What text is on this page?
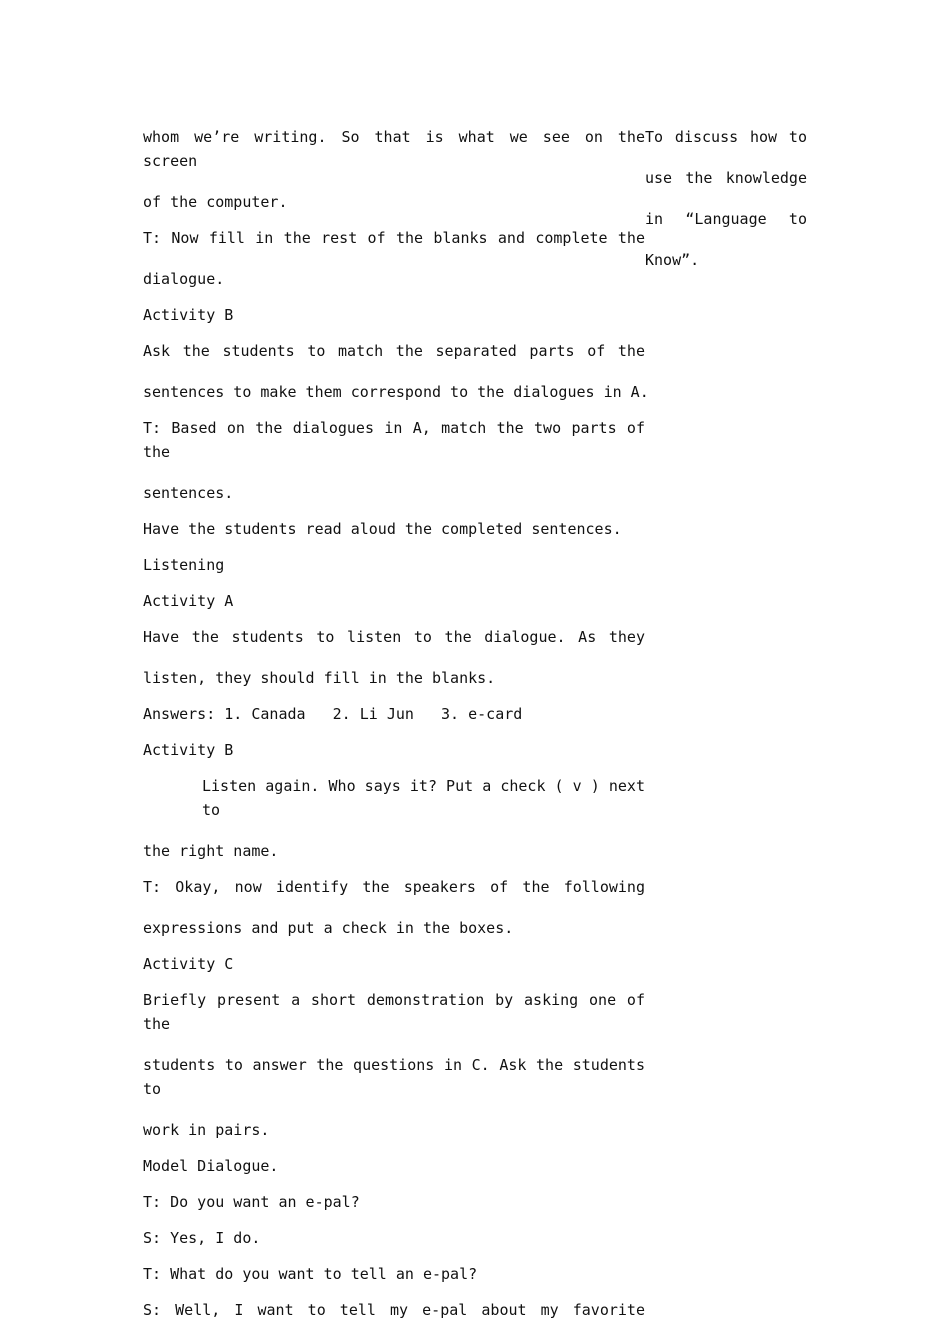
whom we’re writing. So that is what we see on the screen

of the computer.

T: Now fill in the rest of the blanks and complete the

dialogue.

Activity B

Ask the students to match the separated parts of the

sentences to make them correspond to the dialogues in A.

T: Based on the dialogues in A, match the two parts of the

sentences.

Have the students read aloud the completed sentences.

Listening

Activity A

Have the students to listen to the dialogue. As they

listen, they should fill in the blanks.

Answers: 1. Canada   2. Li Jun   3. e-card

Activity B

Listen again. Who says it? Put a check ( v ) next to

the right name.

T: Okay, now identify the speakers of the following

expressions and put a check in the boxes.

Activity C

Briefly present a short demonstration by asking one of the

students to answer the questions in C. Ask the students to

work in pairs.

Model Dialogue.

T: Do you want an e-pal?

S: Yes, I do.

T: What do you want to tell an e-pal?

S: Well, I want to tell my e-pal about my favorite

To discuss how to

use the knowledge

in “Language to

Know”.
